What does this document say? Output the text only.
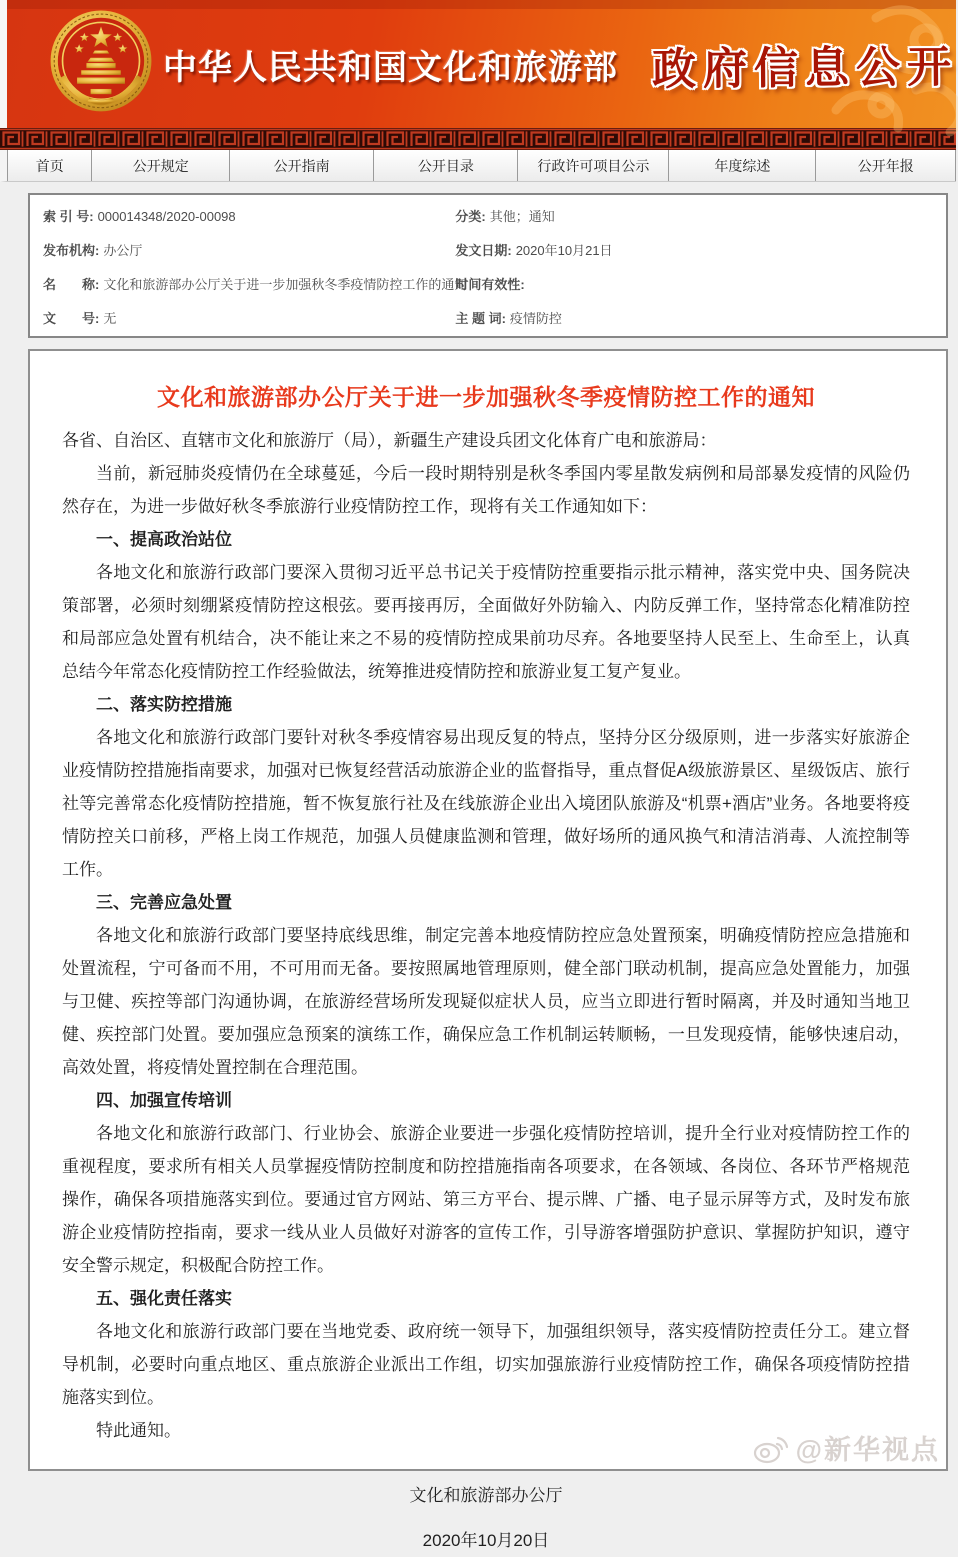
中华人民共和国文化和旅游部 政府信息公开
首页	公开规定	公开指南	公开目录	行政许可项目公示	年度综述	公开年报
索 引 号: 000014348/2020-00098	分类: 其他；通知
发布机构: 办公厅	发文日期: 2020年10月21日
名　　称: 文化和旅游部办公厅关于进一步加强秋冬季疫情防控工作的通知
时间有效性:
文　　号: 无	主 题 词: 疫情防控
文化和旅游部办公厅关于进一步加强秋冬季疫情防控工作的通知

各省、自治区、直辖市文化和旅游厅（局），新疆生产建设兵团文化体育广电和旅游局：

当前，新冠肺炎疫情仍在全球蔓延，今后一段时期特别是秋冬季国内零星散发病例和局部暴发疫情的风险仍然存在，为进一步做好秋冬季旅游行业疫情防控工作，现将有关工作通知如下：

一、提高政治站位

各地文化和旅游行政部门要深入贯彻习近平总书记关于疫情防控重要指示批示精神，落实党中央、国务院决策部署，必须时刻绷紧疫情防控这根弦。要再接再厉，全面做好外防输入、内防反弹工作，坚持常态化精准防控和局部应急处置有机结合，决不能让来之不易的疫情防控成果前功尽弃。各地要坚持人民至上、生命至上，认真总结今年常态化疫情防控工作经验做法，统筹推进疫情防控和旅游业复工复产复业。

二、落实防控措施

各地文化和旅游行政部门要针对秋冬季疫情容易出现反复的特点，坚持分区分级原则，进一步落实好旅游企业疫情防控措施指南要求，加强对已恢复经营活动旅游企业的监督指导，重点督促A级旅游景区、星级饭店、旅行社等完善常态化疫情防控措施，暂不恢复旅行社及在线旅游企业出入境团队旅游及“机票+酒店”业务。各地要将疫情防控关口前移，严格上岗工作规范，加强人员健康监测和管理，做好场所的通风换气和清洁消毒、人流控制等工作。

三、完善应急处置

各地文化和旅游行政部门要坚持底线思维，制定完善本地疫情防控应急处置预案，明确疫情防控应急措施和处置流程，宁可备而不用，不可用而无备。要按照属地管理原则，健全部门联动机制，提高应急处置能力，加强与卫健、疾控等部门沟通协调，在旅游经营场所发现疑似症状人员，应当立即进行暂时隔离，并及时通知当地卫健、疾控部门处置。要加强应急预案的演练工作，确保应急工作机制运转顺畅，一旦发现疫情，能够快速启动，高效处置，将疫情处置控制在合理范围。

四、加强宣传培训

各地文化和旅游行政部门、行业协会、旅游企业要进一步强化疫情防控培训，提升全行业对疫情防控工作的重视程度，要求所有相关人员掌握疫情防控制度和防控措施指南各项要求，在各领域、各岗位、各环节严格规范操作，确保各项措施落实到位。要通过官方网站、第三方平台、提示牌、广播、电子显示屏等方式，及时发布旅游企业疫情防控指南，要求一线从业人员做好对游客的宣传工作，引导游客增强防护意识、掌握防护知识，遵守安全警示规定，积极配合防控工作。

五、强化责任落实

各地文化和旅游行政部门要在当地党委、政府统一领导下，加强组织领导，落实疫情防控责任分工。建立督导机制，必要时向重点地区、重点旅游企业派出工作组，切实加强旅游行业疫情防控工作，确保各项疫情防控措施落实到位。

特此通知。

文化和旅游部办公厅

2020年10月20日

@新华视点
